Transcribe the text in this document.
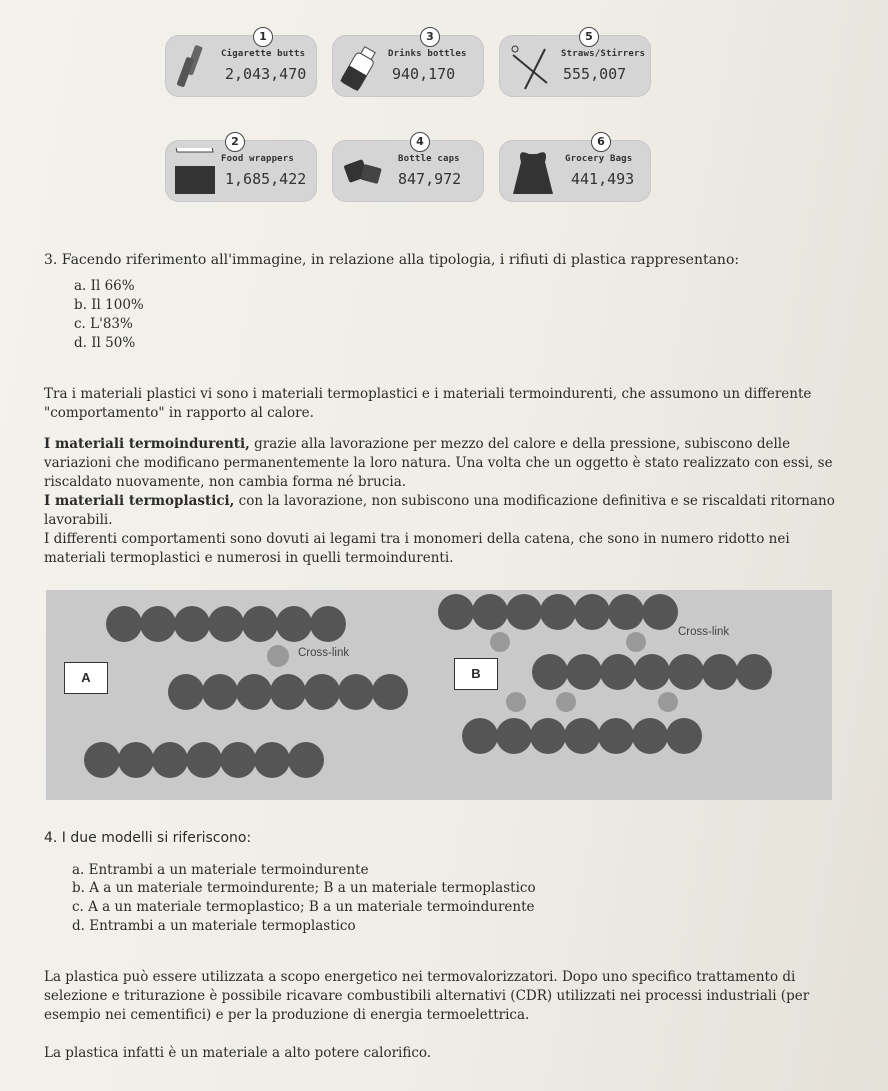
1
Cigarette butts
2,043,470
3
Drinks bottles
940,170
5
Straws/Stirrers
555,007
2
Food wrappers
1,685,422
4
Bottle caps
847,972
6
Grocery Bags
441,493
3. Facendo riferimento all'immagine, in relazione alla tipologia, i rifiuti di plastica rappresentano:
a. Il 66%
b. Il 100%
c. L'83%
d. Il 50%
Tra i materiali plastici vi sono i materiali termoplastici e i materiali termoindurenti, che assumono un differente "comportamento" in rapporto al calore.
I materiali termoindurenti, grazie alla lavorazione per mezzo del calore e della pressione, subiscono delle variazioni che modificano permanentemente la loro natura. Una volta che un oggetto è stato realizzato con essi, se riscaldato nuovamente, non cambia forma né brucia.
I materiali termoplastici, con la lavorazione, non subiscono una modificazione definitiva e se riscaldati ritornano lavorabili.
I differenti comportamenti sono dovuti ai legami tra i monomeri della catena, che sono in numero ridotto nei materiali termoplastici e numerosi in quelli termoindurenti.
A	B
Cross-link
Cross-link
4. I due modelli si riferiscono:
a. Entrambi a un materiale termoindurente
b. A a un materiale termoindurente; B a un materiale termoplastico
c. A a un materiale termoplastico; B a un materiale termoindurente
d. Entrambi a un materiale termoplastico
La plastica può essere utilizzata a scopo energetico nei termovalorizzatori. Dopo uno specifico trattamento di selezione e triturazione è possibile ricavare combustibili alternativi (CDR) utilizzati nei processi industriali (per esempio nei cementifici) e per la produzione di energia termoelettrica.
La plastica infatti è un materiale a alto potere calorifico.
